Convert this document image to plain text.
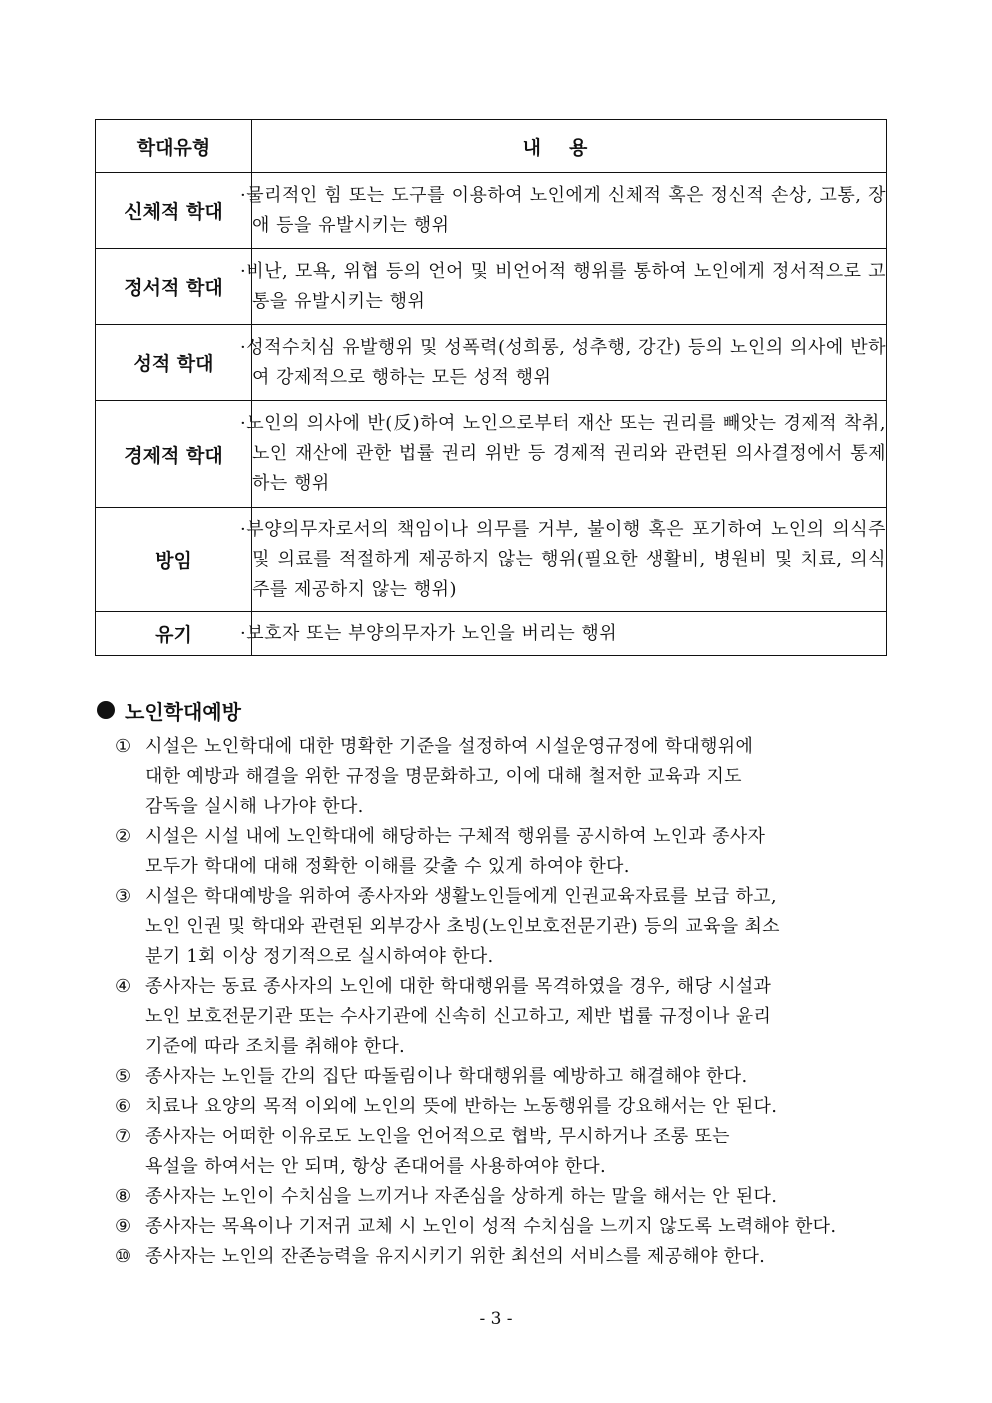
학대유형	내용
신체적 학대	·물리적인 힘 또는 도구를 이용하여 노인에게 신체적 혹은 정신적 손상, 고통, 장애 등을 유발시키는 행위
정서적 학대	·비난, 모욕, 위협 등의 언어 및 비언어적 행위를 통하여 노인에게 정서적으로 고통을 유발시키는 행위
성적 학대	·성적수치심 유발행위 및 성폭력(성희롱, 성추행, 강간) 등의 노인의 의사에 반하여 강제적으로 행하는 모든 성적 행위
경제적 학대	·노인의 의사에 반(反)하여 노인으로부터 재산 또는 권리를 빼앗는 경제적 착취, 노인 재산에 관한 법률 권리 위반 등 경제적 권리와 관련된 의사결정에서 통제하는 행위
방임	·부양의무자로서의 책임이나 의무를 거부, 불이행 혹은 포기하여 노인의 의식주 및 의료를 적절하게 제공하지 않는 행위(필요한 생활비, 병원비 및 치료, 의식주를 제공하지 않는 행위)
유기	·보호자 또는 부양의무자가 노인을 버리는 행위
노인학대예방
① 시설은 노인학대에 대한 명확한 기준을 설정하여 시설운영규정에 학대행위에
대한 예방과 해결을 위한 규정을 명문화하고, 이에 대해 철저한 교육과 지도
감독을 실시해 나가야 한다.
② 시설은 시설 내에 노인학대에 해당하는 구체적 행위를 공시하여 노인과 종사자
모두가 학대에 대해 정확한 이해를 갖출 수 있게 하여야 한다.
③ 시설은 학대예방을 위하여 종사자와 생활노인들에게 인권교육자료를 보급 하고,
노인 인권 및 학대와 관련된 외부강사 초빙(노인보호전문기관) 등의 교육을 최소
분기 1회 이상 정기적으로 실시하여야 한다.
④ 종사자는 동료 종사자의 노인에 대한 학대행위를 목격하였을 경우, 해당 시설과
노인 보호전문기관 또는 수사기관에 신속히 신고하고, 제반 법률 규정이나 윤리
기준에 따라 조치를 취해야 한다.
⑤ 종사자는 노인들 간의 집단 따돌림이나 학대행위를 예방하고 해결해야 한다.
⑥ 치료나 요양의 목적 이외에 노인의 뜻에 반하는 노동행위를 강요해서는 안 된다.
⑦ 종사자는 어떠한 이유로도 노인을 언어적으로 협박, 무시하거나 조롱 또는
욕설을 하여서는 안 되며, 항상 존대어를 사용하여야 한다.
⑧ 종사자는 노인이 수치심을 느끼거나 자존심을 상하게 하는 말을 해서는 안 된다.
⑨ 종사자는 목욕이나 기저귀 교체 시 노인이 성적 수치심을 느끼지 않도록 노력해야 한다.
⑩ 종사자는 노인의 잔존능력을 유지시키기 위한 최선의 서비스를 제공해야 한다.
- 3 -
